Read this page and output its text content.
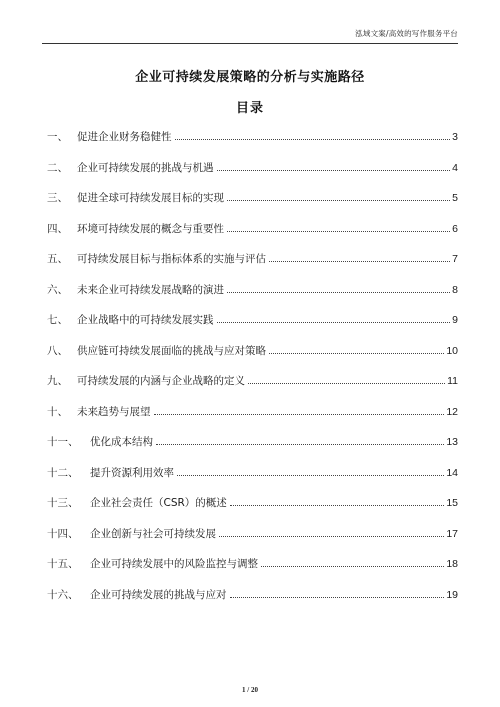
泓域文案/高效的写作服务平台
企业可持续发展策略的分析与实施路径
目录
一、 促进企业财务稳健性	3
二、 企业可持续发展的挑战与机遇	4
三、 促进全球可持续发展目标的实现	5
四、 环境可持续发展的概念与重要性	6
五、 可持续发展目标与指标体系的实施与评估	7
六、 未来企业可持续发展战略的演进	8
七、 企业战略中的可持续发展实践	9
八、 供应链可持续发展面临的挑战与应对策略	10
九、 可持续发展的内涵与企业战略的定义	11
十、 未来趋势与展望	12
十一、	优化成本结构	13
十二、	提升资源利用效率	14
十三、	企业社会责任（CSR）的概述	15
十四、	企业创新与社会可持续发展	17
十五、	企业可持续发展中的风险监控与调整	18
十六、	企业可持续发展的挑战与应对	19
1 / 20
